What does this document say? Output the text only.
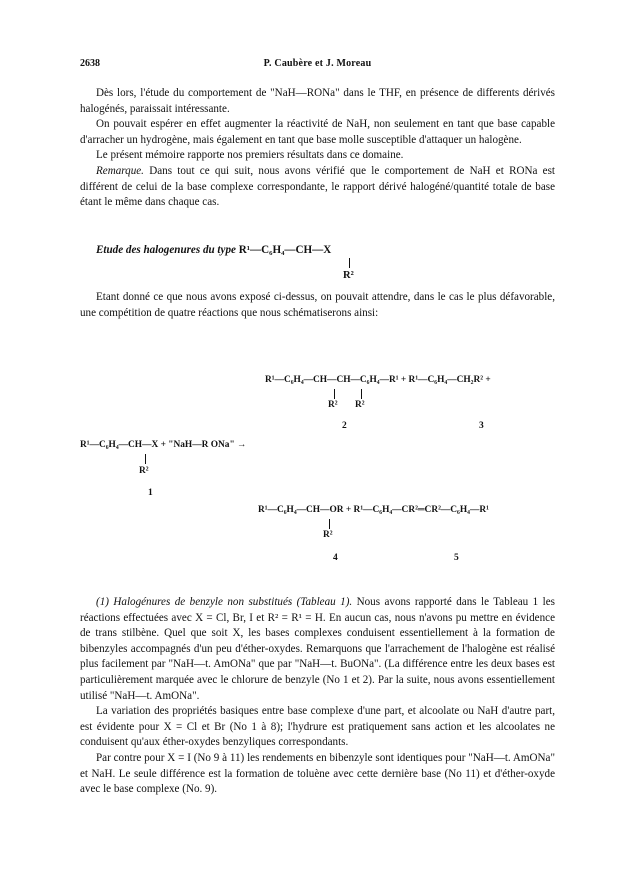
2638	P. Caubère et J. Moreau

Dès lors, l'étude du comportement de "NaH—RONa" dans le THF, en présence de differents dérivés halogénés, paraissait intéressante.

On pouvait espérer en effet augmenter la réactivité de NaH, non seulement en tant que base capable d'arracher un hydrogène, mais également en tant que base molle susceptible d'attaquer un halogène.

Le présent mémoire rapporte nos premiers résultats dans ce domaine.

Remarque. Dans tout ce qui suit, nous avons vérifié que le comportement de NaH et RONa est différent de celui de la base complexe correspondante, le rapport dérivé halogéné/quantité totale de base étant le même dans chaque cas.

Etude des halogenures du type R¹—C₆H₄—CH—X
R²

Etant donné ce que nous avons exposé ci-dessus, on pouvait attendre, dans le cas le plus défavorable, une compétition de quatre réactions que nous schématiserons ainsi:

R¹—C₆H₄—CH—CH—C₆H₄—R¹ + R¹—C₆H₄—CH₂R² +
R² R²
2	3
R¹—C₆H₄—CH—X + "NaH—R ONa" →
R²
1
R¹—C₆H₄—CH—OR + R¹—C₆H₄—CR²═CR²—C₆H₄—R¹
R²
4	5

(1) Halogénures de benzyle non substitués (Tableau 1). Nous avons rapporté dans le Tableau 1 les réactions effectuées avec X = Cl, Br, I et R² = R¹ = H. En aucun cas, nous n'avons pu mettre en évidence de trans stilbène. Quel que soit X, les bases complexes conduisent essentiellement à la formation de bibenzyles accompagnés d'un peu d'éther-oxydes. Remarquons que l'arrachement de l'halogène est réalisé plus facilement par "NaH—t. AmONa" que par "NaH—t. BuONa". (La différence entre les deux bases est particulièrement marquée avec le chlorure de benzyle (No 1 et 2). Par la suite, nous avons essentiellement utilisé "NaH—t. AmONa".

La variation des propriétés basiques entre base complexe d'une part, et alcoolate ou NaH d'autre part, est évidente pour X = Cl et Br (No 1 à 8); l'hydrure est pratiquement sans action et les alcoolates ne conduisent qu'aux éther-oxydes benzyliques correspondants.

Par contre pour X = I (No 9 à 11) les rendements en bibenzyle sont identiques pour "NaH—t. AmONa" et NaH. Le seule différence est la formation de toluène avec cette dernière base (No 11) et d'éther-oxyde avec le base complexe (No. 9).
